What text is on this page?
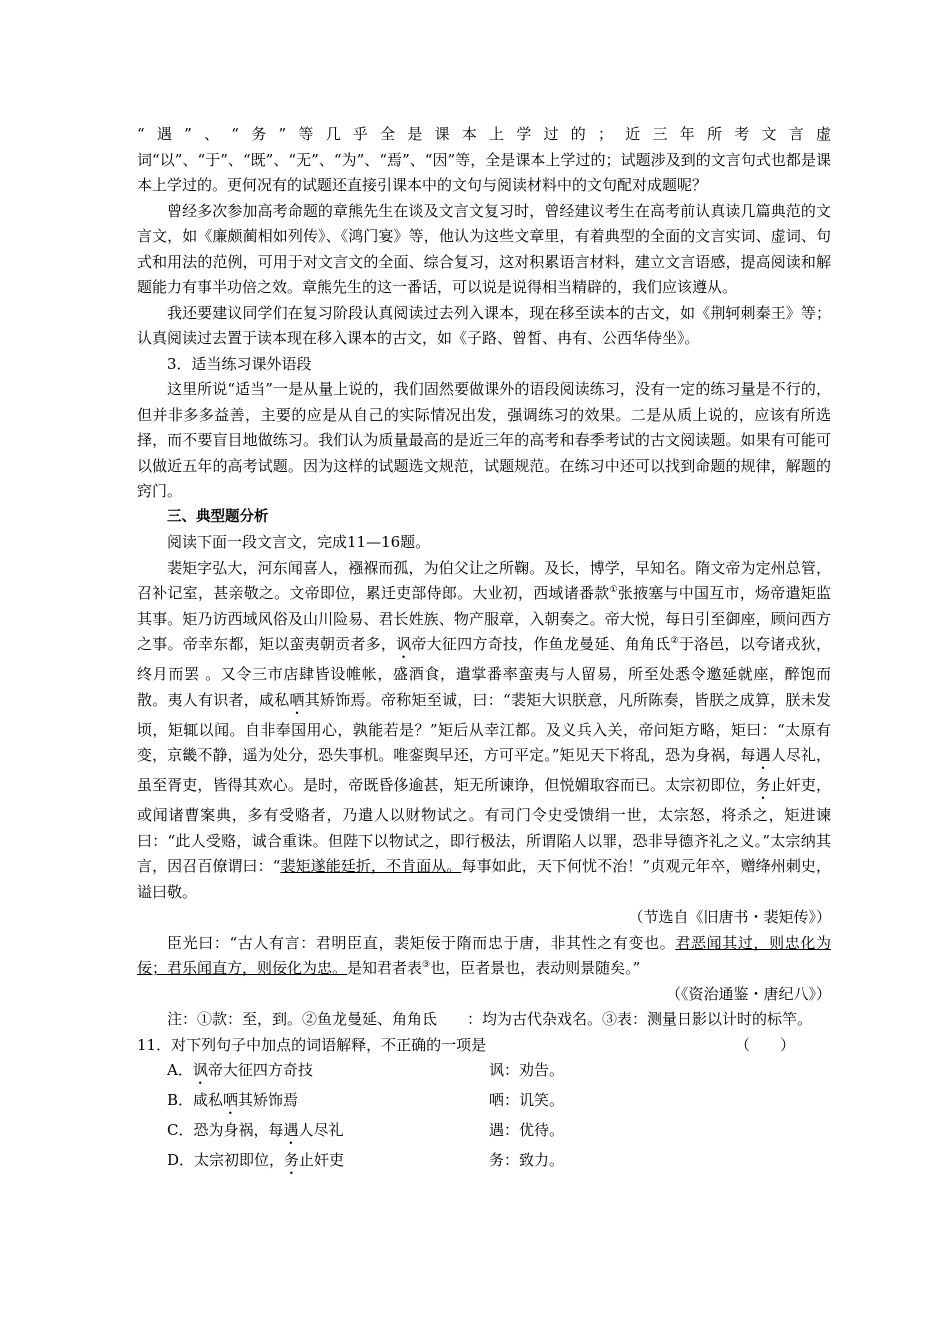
“遇”、“务”等几乎全是课本上学过的；近三年所考文言虚词“以”、“于”、“既”、“无”、“为”、“焉”、“因”等，全是课本上学过的；试题涉及到的文言句式也都是课本上学过的。更何况有的试题还直接引课本中的文句与阅读材料中的文句配对成题呢？

曾经多次参加高考命题的章熊先生在谈及文言文复习时，曾经建议考生在高考前认真读几篇典范的文言文，如《廉颇蔺相如列传》、《鸿门宴》等，他认为这些文章里，有着典型的全面的文言实词、虚词、句式和用法的范例，可用于对文言文的全面、综合复习，这对积累语言材料，建立文言语感，提高阅读和解题能力有事半功倍之效。章熊先生的这一番话，可以说是说得相当精辟的，我们应该遵从。

我还要建议同学们在复习阶段认真阅读过去列入课本，现在移至读本的古文，如《荆轲刺秦王》等；认真阅读过去置于读本现在移入课本的古文，如《子路、曾皙、冉有、公西华侍坐》。

3．适当练习课外语段

这里所说“适当”一是从量上说的，我们固然要做课外的语段阅读练习，没有一定的练习量是不行的，但并非多多益善，主要的应是从自己的实际情况出发，强调练习的效果。二是从质上说的，应该有所选择，而不要盲目地做练习。我们认为质量最高的是近三年的高考和春季考试的古文阅读题。如果有可能可以做近五年的高考试题。因为这样的试题选文规范，试题规范。在练习中还可以找到命题的规律，解题的窍门。

三、典型题分析

阅读下面一段文言文，完成11—16题。

裴矩字弘大，河东闻喜人，襁褓而孤，为伯父让之所鞠。及长，博学，早知名。隋文帝为定州总管，召补记室，甚亲敬之。文帝即位，累迁吏部侍郎。大业初，西域诸番款①张掖塞与中国互市，炀帝遣矩监其事。矩乃访西域风俗及山川险易、君长姓族、物产服章，入朝奏之。帝大悦，每日引至御座，顾问西方之事。帝幸东都，矩以蛮夷朝贡者多，讽帝大征四方奇技，作鱼龙曼延、角角氐②于洛邑，以夸诸戎狄，终月而罢 。又令三市店肆皆设帷帐，盛酒食，遣掌番率蛮夷与人留易，所至处悉令邀延就座，醉饱而散。夷人有识者，咸私哂其矫饰焉。帝称矩至诚，曰：“裴矩大识朕意，凡所陈奏，皆朕之成算，朕未发顷，矩辄以闻。自非奉国用心，孰能若是？”矩后从幸江都。及义兵入关，帝问矩方略，矩曰：“太原有变，京畿不静，遥为处分，恐失事机。唯銮舆早还，方可平定。”矩见天下将乱，恐为身祸，每遇人尽礼，虽至胥吏，皆得其欢心。是时，帝既昏侈逾甚，矩无所谏诤，但悦媚取容而已。太宗初即位，务止奸吏，或闻诸曹案典，多有受赂者，乃遣人以财物试之。有司门令史受馈绢一世，太宗怒，将杀之，矩进谏曰：“此人受赂，诚合重诛。但陛下以物试之，即行极法，所谓陷人以罪，恐非导德齐礼之义。”太宗纳其言，因召百僚谓曰：“裴矩遂能廷折，不肯面从。每事如此，天下何忧不治！”贞观元年卒，赠绛州刺史，谥曰敬。

（节选自《旧唐书・裴矩传》）

臣光曰：“古人有言：君明臣直，裴矩佞于隋而忠于唐，非其性之有变也。君恶闻其过，则忠化为佞；君乐闻直方，则佞化为忠。是知君者表③也，臣者景也，表动则景随矣。”

（《资治通鉴・唐纪八》）

注：①款：至，到。②鱼龙曼延、角角氐　　：均为古代杂戏名。③表：测量日影以计时的标竿。

11．对下列句子中加点的词语解释，不正确的一项是	（　　）

A．讽帝大征四方奇技	讽：劝告。

B．咸私哂其矫饰焉	哂：讥笑。

C．恐为身祸，每遇人尽礼	遇：优待。

D．太宗初即位，务止奸吏	务：致力。
